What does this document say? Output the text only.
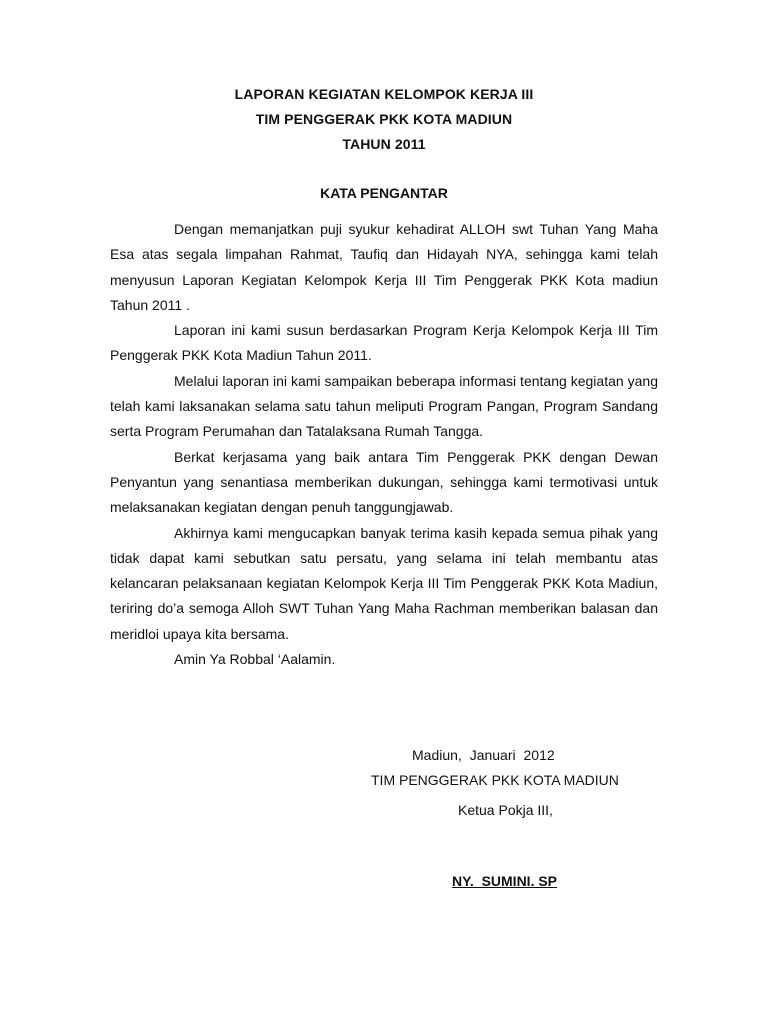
LAPORAN KEGIATAN KELOMPOK KERJA III
TIM PENGGERAK PKK KOTA MADIUN
TAHUN 2011
KATA PENGANTAR

Dengan memanjatkan puji syukur kehadirat ALLOH swt Tuhan Yang Maha Esa atas segala limpahan Rahmat, Taufiq dan Hidayah NYA, sehingga kami telah menyusun Laporan Kegiatan Kelompok Kerja III Tim Penggerak PKK Kota madiun Tahun 2011 .

Laporan ini kami susun berdasarkan Program Kerja Kelompok Kerja III Tim Penggerak PKK Kota Madiun Tahun 2011.

Melalui laporan ini kami sampaikan beberapa informasi tentang kegiatan yang telah kami laksanakan selama satu tahun meliputi Program Pangan, Program Sandang serta Program Perumahan dan Tatalaksana Rumah Tangga.

Berkat kerjasama yang baik antara Tim Penggerak PKK dengan Dewan Penyantun yang senantiasa memberikan dukungan, sehingga kami termotivasi untuk melaksanakan kegiatan dengan penuh tanggungjawab.

Akhirnya kami mengucapkan banyak terima kasih kepada semua pihak yang tidak dapat kami sebutkan satu persatu, yang selama ini telah membantu atas kelancaran pelaksanaan kegiatan Kelompok Kerja III Tim Penggerak PKK Kota Madiun, teriring do’a semoga Alloh SWT Tuhan Yang Maha Rachman memberikan balasan dan meridloi upaya kita bersama.

Amin Ya Robbal ‘Aalamin.

Madiun, Januari 2012
TIM PENGGERAK PKK KOTA MADIUN
Ketua Pokja III,
NY.  SUMINI. SP
